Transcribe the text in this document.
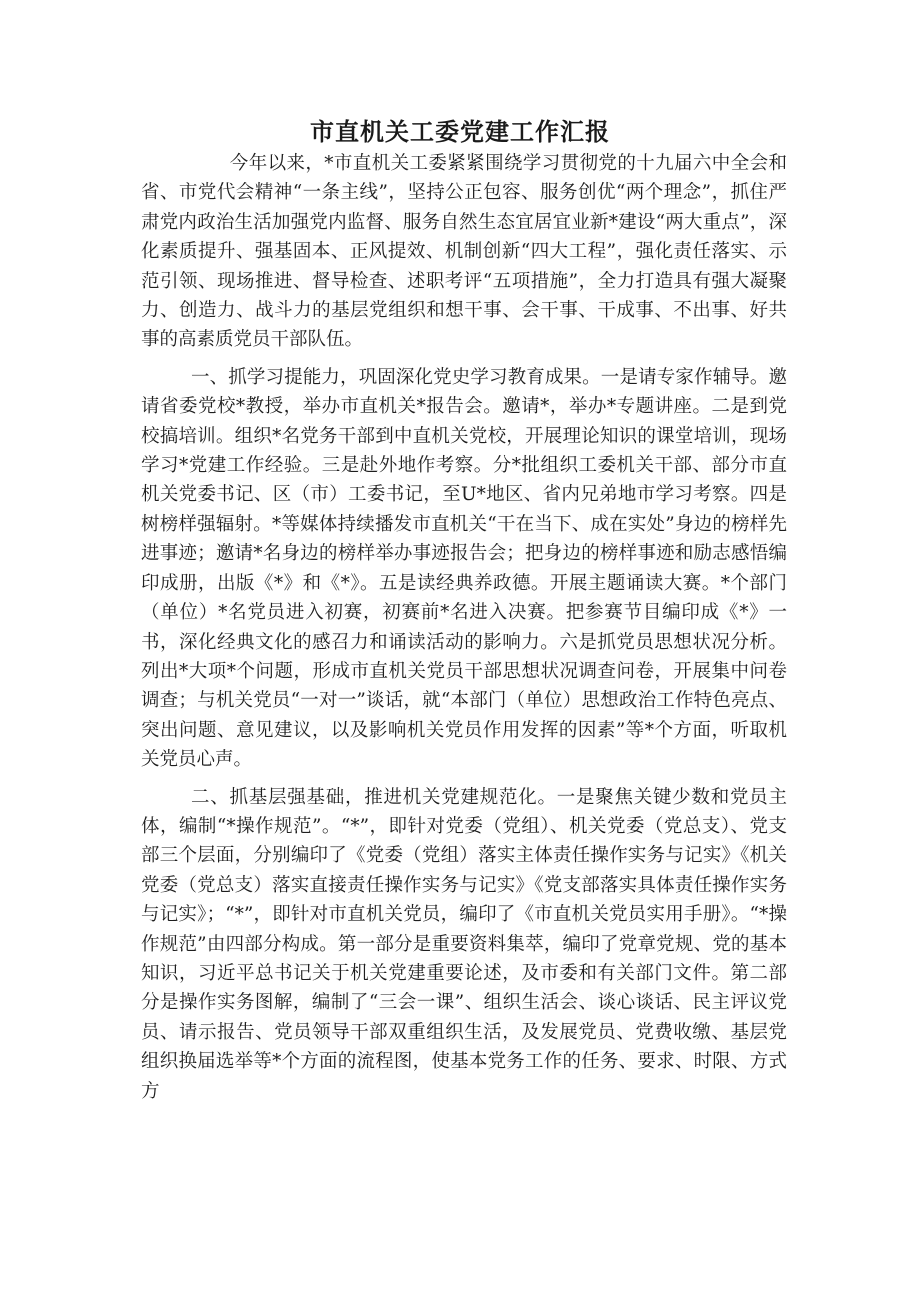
市直机关工委党建工作汇报

今年以来，*市直机关工委紧紧围绕学习贯彻党的十九届六中全会和省、市党代会精神“一条主线”，坚持公正包容、服务创优“两个理念”，抓住严肃党内政治生活加强党内监督、服务自然生态宜居宜业新*建设“两大重点”，深化素质提升、强基固本、正风提效、机制创新“四大工程”，强化责任落实、示范引领、现场推进、督导检查、述职考评“五项措施”，全力打造具有强大凝聚力、创造力、战斗力的基层党组织和想干事、会干事、干成事、不出事、好共事的高素质党员干部队伍。

一、抓学习提能力，巩固深化党史学习教育成果。一是请专家作辅导。邀请省委党校*教授，举办市直机关*报告会。邀请*，举办*专题讲座。二是到党校搞培训。组织*名党务干部到中直机关党校，开展理论知识的课堂培训，现场学习*党建工作经验。三是赴外地作考察。分*批组织工委机关干部、部分市直机关党委书记、区（市）工委书记，至U*地区、省内兄弟地市学习考察。四是树榜样强辐射。*等媒体持续播发市直机关“干在当下、成在实处”身边的榜样先进事迹；邀请*名身边的榜样举办事迹报告会；把身边的榜样事迹和励志感悟编印成册，出版《*》和《*》。五是读经典养政德。开展主题诵读大赛。*个部门（单位）*名党员进入初赛，初赛前*名进入决赛。把参赛节目编印成《*》一书，深化经典文化的感召力和诵读活动的影响力。六是抓党员思想状况分析。列出*大项*个问题，形成市直机关党员干部思想状况调查问卷，开展集中问卷调查；与机关党员“一对一”谈话，就“本部门（单位）思想政治工作特色亮点、突出问题、意见建议，以及影响机关党员作用发挥的因素”等*个方面，听取机关党员心声。

二、抓基层强基础，推进机关党建规范化。一是聚焦关键少数和党员主体，编制“*操作规范”。“*”，即针对党委（党组）、机关党委（党总支）、党支部三个层面，分别编印了《党委（党组）落实主体责任操作实务与记实》《机关党委（党总支）落实直接责任操作实务与记实》《党支部落实具体责任操作实务与记实》；“*”，即针对市直机关党员，编印了《市直机关党员实用手册》。“*操作规范”由四部分构成。第一部分是重要资料集萃，编印了党章党规、党的基本知识，习近平总书记关于机关党建重要论述，及市委和有关部门文件。第二部分是操作实务图解，编制了“三会一课”、组织生活会、谈心谈话、民主评议党员、请示报告、党员领导干部双重组织生活，及发展党员、党费收缴、基层党组织换届选举等*个方面的流程图，使基本党务工作的任务、要求、时限、方式方
